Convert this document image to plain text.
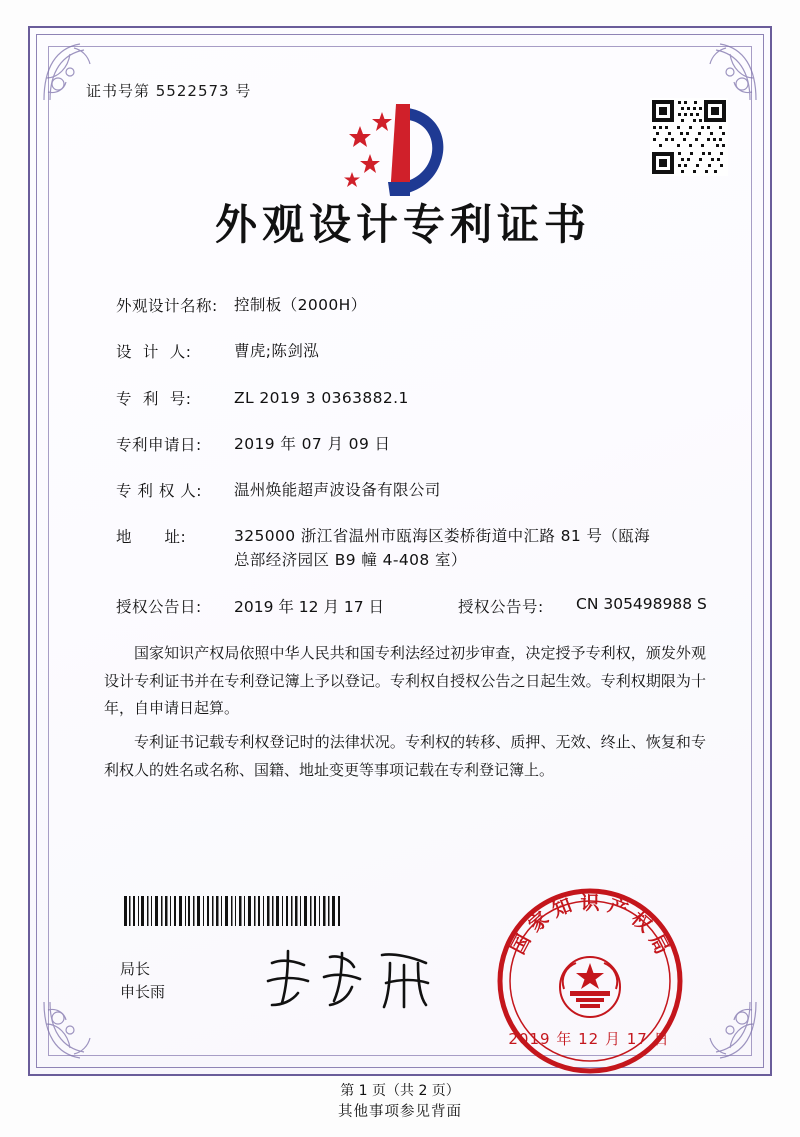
证书号第 5522573 号
外观设计专利证书
外观设计名称:	控制板（2000H）
设  计  人:	曹虎;陈剑泓
专  利  号:	ZL 2019 3 0363882.1
专利申请日:	2019 年 07 月 09 日
专 利 权 人:	温州焕能超声波设备有限公司
地      址:	325000 浙江省温州市瓯海区娄桥街道中汇路 81 号（瓯海
总部经济园区 B9 幢 4-408 室）
授权公告日:	2019 年 12 月 17 日	授权公告号:	CN 305498988 S

国家知识产权局依照中华人民共和国专利法经过初步审查，决定授予专利权，颁发外观设计专利证书并在专利登记簿上予以登记。专利权自授权公告之日起生效。专利权期限为十年，自申请日起算。

专利证书记载专利权登记时的法律状况。专利权的转移、质押、无效、终止、恢复和专利权人的姓名或名称、国籍、地址变更等事项记载在专利登记簿上。

局长
申长雨
国
家
知 识 产
权
局
2019 年 12 月 17 日
第 1 页（共 2 页）
其他事项参见背面
